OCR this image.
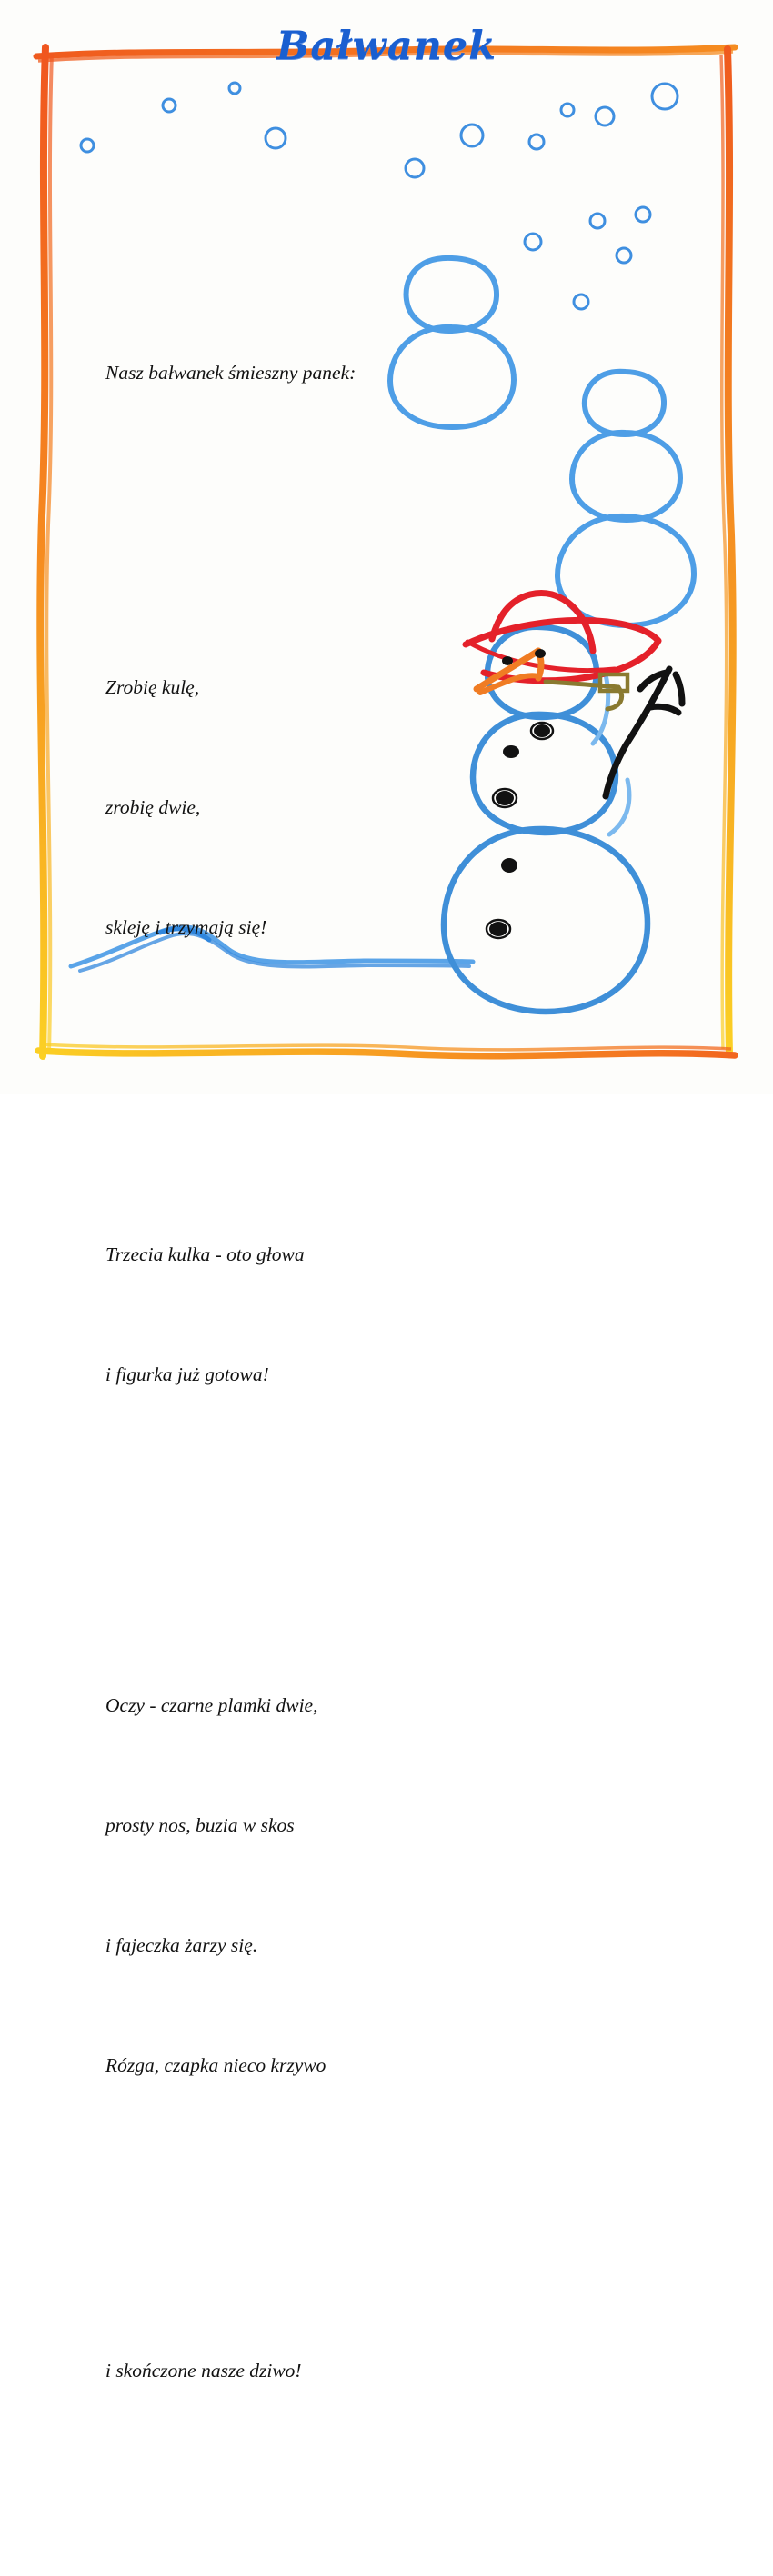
Bałwanek

Nasz bałwanek śmieszny panek:

Zrobię kulę,

zrobię dwie,

skleję i trzymają się!

Trzecia kulka - oto głowa

i figurka już gotowa!

Oczy - czarne plamki dwie,

prosty nos, buzia w skos

i fajeczka żarzy się.

Rózga, czapka nieco krzywo

i skończone nasze dziwo!
